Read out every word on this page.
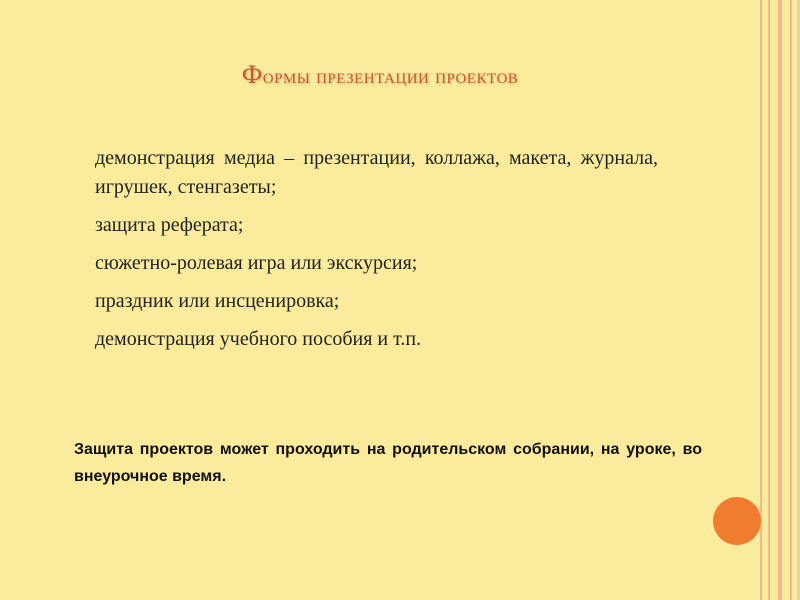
Формы презентации проектов
демонстрация медиа – презентации, коллажа, макета, журнала, игрушек, стенгазеты;
защита реферата;
сюжетно-ролевая игра или экскурсия;
праздник или инсценировка;
демонстрация учебного пособия и т.п.

Защита проектов может проходить на родительском собрании, на уроке, во внеурочное время.
